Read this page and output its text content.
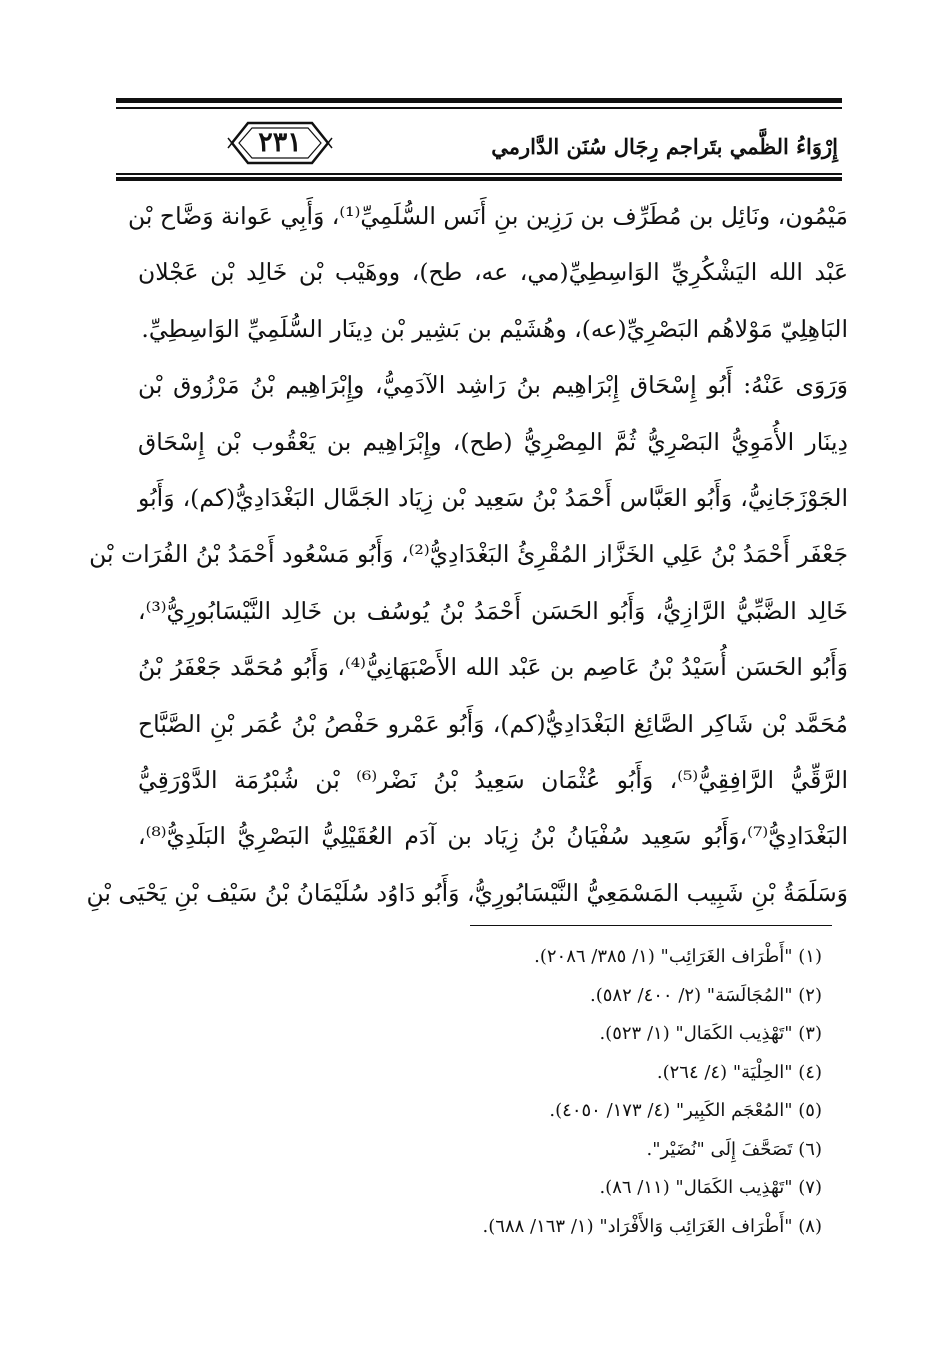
٢٣١	إِرْوَاءُ الظَّمي بتَراجم رِجَال سُنَن الدَّارمي
مَيْمُون، ونَائِل بن مُطَرِّف بن رَزِين بنِ أَنَس السُّلَمِيِّ⁽¹⁾، وَأَبِي عَوانة وَضَّاح بْن
عَبْد الله اليَشْكُرِيِّ الوَاسِطِيِّ(مي، عه، طح)، ووهَيْب بْن خَالِد بْن عَجْلان
البَاهِلِيّ مَوْلاهُم البَصْرِيِّ(عه)، وهُشَيْم بن بَشِير بْن دِينَار السُّلَمِيِّ الوَاسِطِيِّ.
وَرَوَى عَنْهُ: أَبُو إِسْحَاق إِبْرَاهِيم بنُ رَاشِد الآدَمِيُّ، وإِبْرَاهِيم بْنُ مَرْزُوق بْن
دِينَار الأُمَوِيُّ البَصْرِيُّ ثُمَّ المِصْرِيُّ (طح)، وإِبْرَاهِيم بن يَعْقُوب بْن إِسْحَاق
الجَوْزَجَانِيُّ، وَأَبُو العَبَّاس أَحْمَدُ بْنُ سَعِيد بْن زِيَاد الجَمَّال البَغْدَادِيُّ(كم)، وَأَبُو
جَعْفَر أَحْمَدُ بْنُ عَلِي الخَزَّاز المُقْرِئُ البَغْدَادِيُّ⁽²⁾، وَأَبُو مَسْعُود أَحْمَدُ بْنُ الفُرَات بْن
خَالِد الضَّبِّيُّ الرَّازِيُّ، وَأَبُو الحَسَن أَحْمَدُ بْنُ يُوسُف بن خَالِد النَّيْسَابُورِيُّ⁽³⁾،
وَأَبُو الحَسَن أُسَيْدُ بْنُ عَاصِم بن عَبْد الله الأَصْبَهَانِيُّ⁽⁴⁾، وَأَبُو مُحَمَّد جَعْفَرُ بْنُ
مُحَمَّد بْن شَاكِر الصَّائِغ البَغْدَادِيُّ(كم)، وَأَبُو عَمْرو حَفْصُ بْنُ عُمَر بْنِ الصَّبَّاح
الرَّقِّيُّ الرَّافِقِيُّ⁽⁵⁾، وَأَبُو عُثْمَان سَعِيدُ بْنُ نَضْر⁽⁶⁾ بْن شُبْرُمَة الدَّوْرَقِيُّ
البَغْدَادِيُّ⁽⁷⁾،وَأَبُو سَعِيد سُفْيَانُ بْنُ زِيَاد بن آدَم العُقَيْلِيُّ البَصْرِيُّ البَلَدِيُّ⁽⁸⁾،
وَسَلَمَةُ بْنِ شَبِيب المَسْمَعِيُّ النَّيْسَابُورِيُّ، وَأَبُو دَاوُد سُلَيْمَانُ بْنُ سَيْف بْنِ يَحْيَى بْنِ
(١) "أَطْرَاف الغَرَائِب" (١/ ٣٨٥/ ٢٠٨٦).
(٢) "المُجَالَسَة" (٢/ ٤٠٠/ ٥٨٢).
(٣) "تَهْذِيب الكَمَال" (١/ ٥٢٣).
(٤) "الحِلْيَة" (٤/ ٢٦٤).
(٥) "المُعْجَم الكَبِير" (٤/ ١٧٣/ ٤٠٥٠).
(٦) تَصَحَّفَ إِلَى "نُضَيْر".
(٧) "تَهْذِيب الكَمَال" (١١/ ٨٦).
(٨) "أَطْرَاف الغَرَائِب وَالأَفْرَاد" (١/ ١٦٣/ ٦٨٨).
